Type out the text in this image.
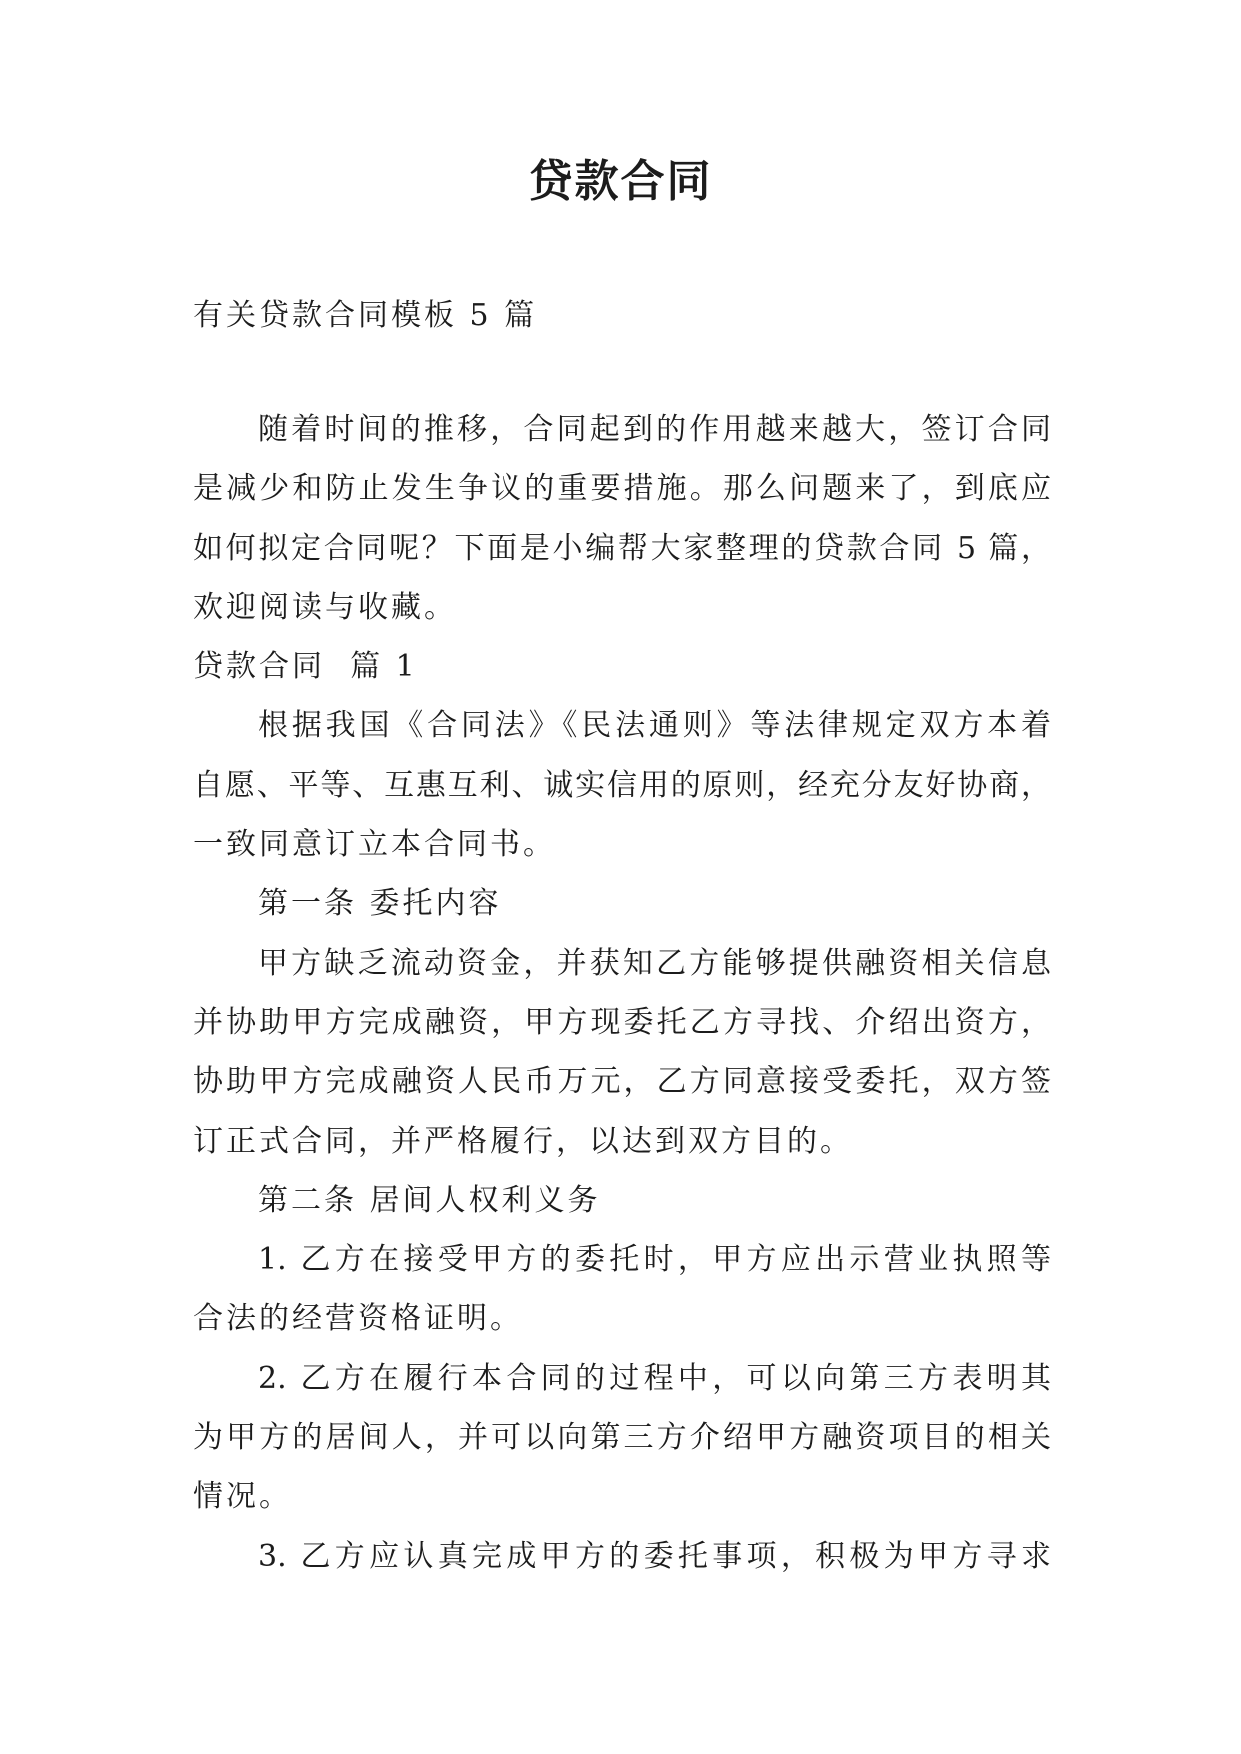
贷款合同
有关贷款合同模板 5 篇
随着时间的推移，合同起到的作用越来越大，签订合同
是减少和防止发生争议的重要措施。那么问题来了，到底应
如何拟定合同呢？下面是小编帮大家整理的贷款合同 5 篇，
欢迎阅读与收藏。
贷款合同  篇 1
根据我国《合同法》《民法通则》等法律规定双方本着
自愿、平等、互惠互利、诚实信用的原则，经充分友好协商，
一致同意订立本合同书。
第一条 委托内容
甲方缺乏流动资金，并获知乙方能够提供融资相关信息
并协助甲方完成融资，甲方现委托乙方寻找、介绍出资方，
协助甲方完成融资人民币万元，乙方同意接受委托，双方签
订正式合同，并严格履行，以达到双方目的。
第二条 居间人权利义务
1. 乙方在接受甲方的委托时，甲方应出示营业执照等
合法的经营资格证明。
2. 乙方在履行本合同的过程中，可以向第三方表明其
为甲方的居间人，并可以向第三方介绍甲方融资项目的相关
情况。
3. 乙方应认真完成甲方的委托事项，积极为甲方寻求
